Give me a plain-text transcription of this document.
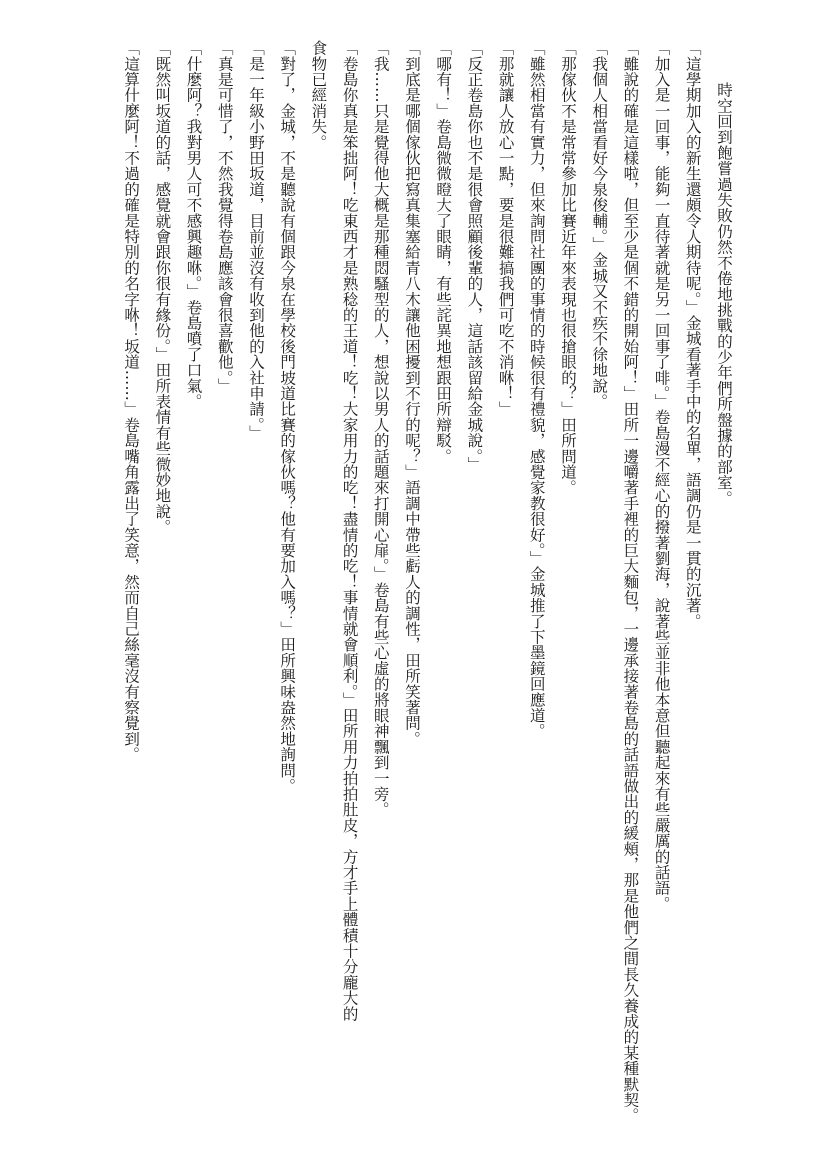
時空回到飽嘗過失敗仍然不倦地挑戰的少年們所盤據的部室。

「這學期加入的新生還頗令人期待呢。」金城看著手中的名單，語調仍是一貫的沉著。

「加入是一回事，能夠一直待著就是另一回事了啡。」卷島漫不經心的撥著劉海，說著些並非他本意但聽起來有些嚴厲的話語。

「雖說的確是這樣啦，但至少是個不錯的開始阿！」田所一邊嚼著手裡的巨大麵包，一邊承接著卷島的話語做出的緩頰，那是他們之間長久養成的某種默契。

「我個人相當看好今泉俊輔。」金城又不疾不徐地說。

「那傢伙不是常常參加比賽近年來表現也很搶眼的？」田所問道。

「雖然相當有實力，但來詢問社團的事情的時候很有禮貌，感覺家教很好。」金城推了下墨鏡回應道。

「那就讓人放心一點，要是很難搞我們可吃不消咻！」

「反正卷島你也不是很會照顧後輩的人，這話該留給金城說。」

「哪有！」卷島微微瞪大了眼睛，有些詫異地想跟田所辯駁。

「到底是哪個傢伙把寫真集塞給青八木讓他困擾到不行的呢？」語調中帶些虧人的調性，田所笑著問。

「我……只是覺得他大概是那種悶騷型的人，想說以男人的話題來打開心扉。」卷島有些心虛的將眼神飄到一旁。

「卷島你真是笨拙阿！吃東西才是熟稔的王道！吃！大家用力的吃！盡情的吃！事情就會順利。」田所用力拍拍肚皮，方才手上體積十分龐大的

食物已經消失。

「對了，金城，不是聽說有個跟今泉在學校後門坡道比賽的傢伙嗎？他有要加入嗎？」田所興味盎然地詢問。

「是一年級小野田坂道，目前並沒有收到他的入社申請。」

「真是可惜了，不然我覺得卷島應該會很喜歡他。」

「什麼阿？我對男人可不感興趣咻。」卷島噴了口氣。

「既然叫坂道的話，感覺就會跟你很有緣份。」田所表情有些微妙地說。

「這算什麼阿！不過的確是特別的名字咻！坂道……」卷島嘴角露出了笑意，然而自己絲毫沒有察覺到。
